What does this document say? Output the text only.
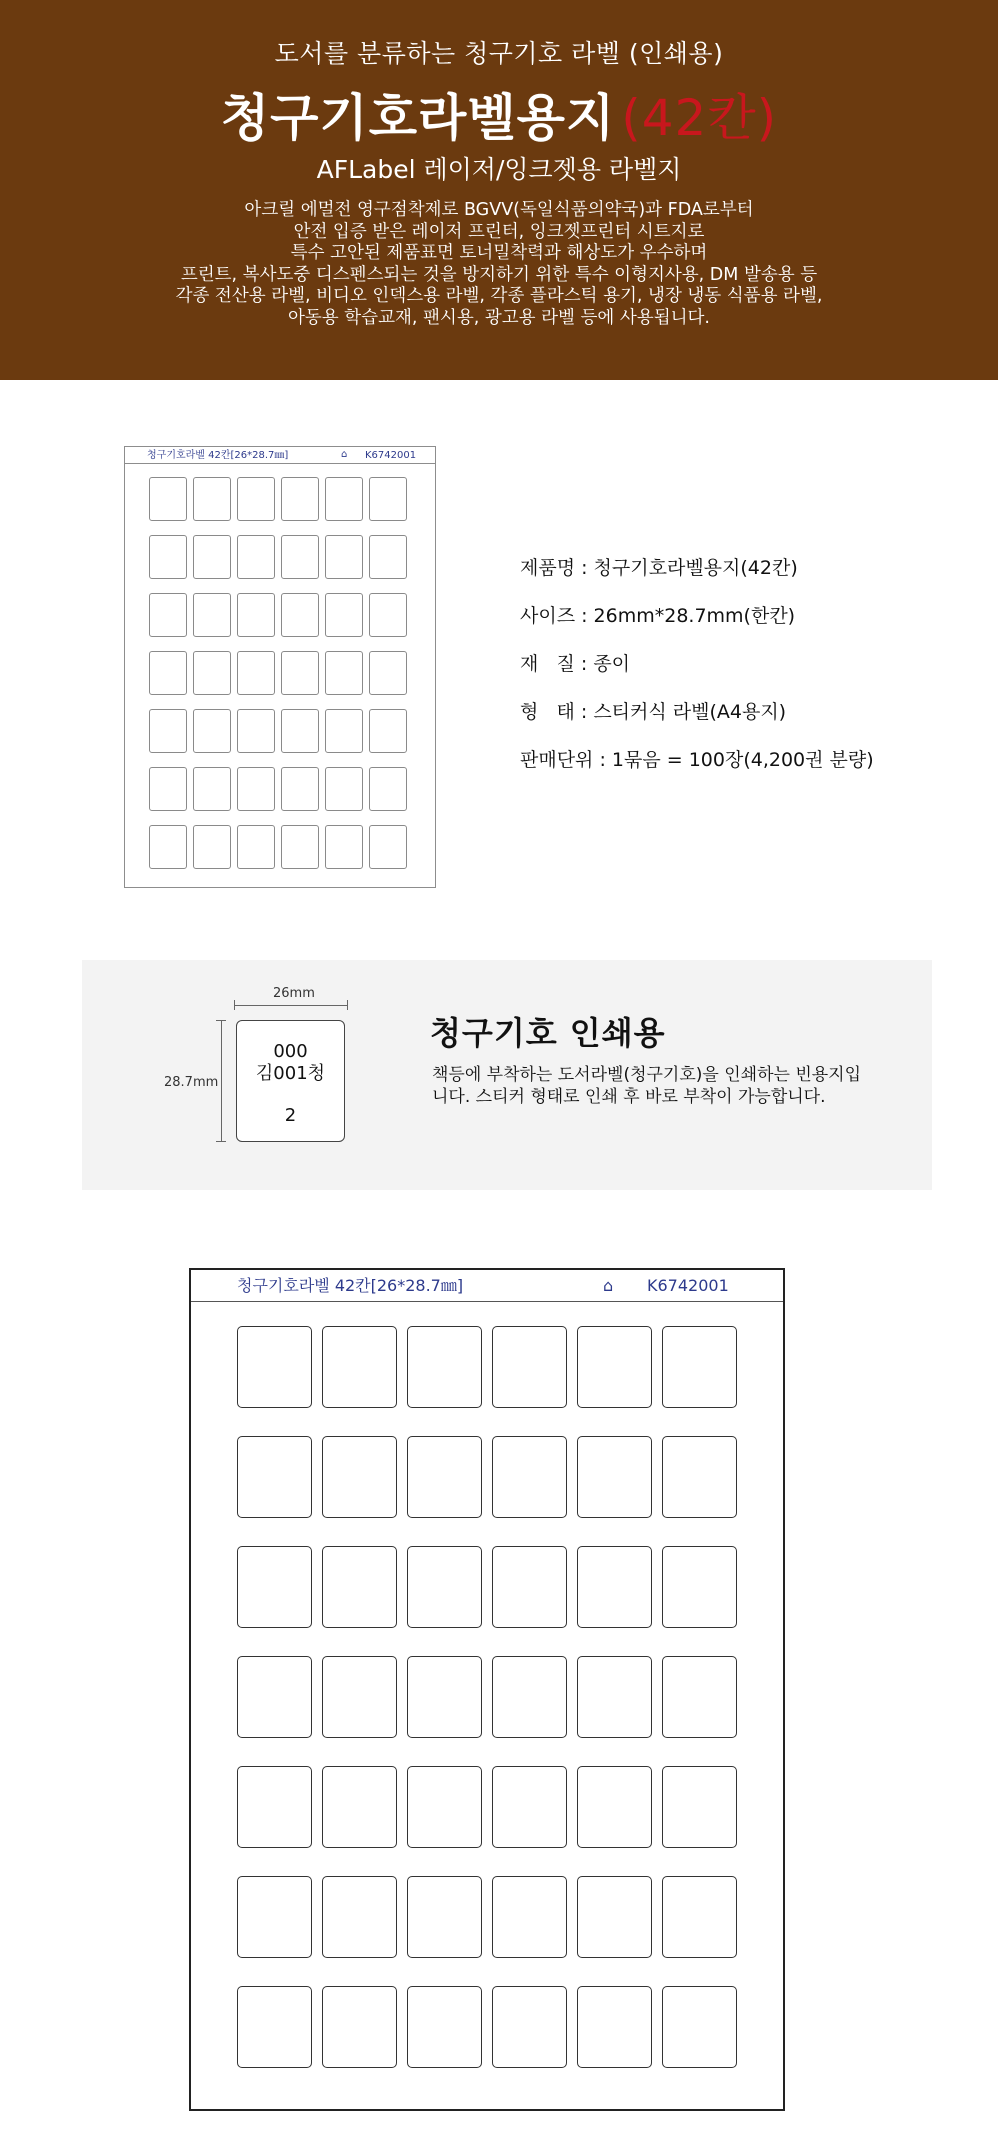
도서를 분류하는 청구기호 라벨 (인쇄용)
청구기호라벨용지 (42칸)
AFLabel 레이저/잉크젯용 라벨지
아크릴 에멀전 영구점착제로 BGVV(독일식품의약국)과 FDA로부터
안전 입증 받은 레이저 프린터, 잉크젯프린터 시트지로
특수 고안된 제품표면 토너밀착력과 해상도가 우수하며
프린트, 복사도중 디스펜스되는 것을 방지하기 위한 특수 이형지사용, DM 발송용 등
각종 전산용 라벨, 비디오 인덱스용 라벨, 각종 플라스틱 용기, 냉장 냉동 식품용 라벨,
아동용 학습교재, 팬시용, 광고용 라벨 등에 사용됩니다.
청구기호라벨 42칸[26*28.7㎜]	⌂ K6742001
제품명 : 청구기호라벨용지(42칸)
사이즈 : 26mm*28.7mm(한칸)
재   질 : 종이
형   태 : 스티커식 라벨(A4용지)
판매단위 : 1묶음 = 100장(4,200권 분량)
26mm
28.7mm
000
김001청
2
청구기호 인쇄용
책등에 부착하는 도서라벨(청구기호)을 인쇄하는 빈용지입니다. 스티커 형태로 인쇄 후 바로 부착이 가능합니다.
청구기호라벨 42칸[26*28.7㎜]	⌂ K6742001
